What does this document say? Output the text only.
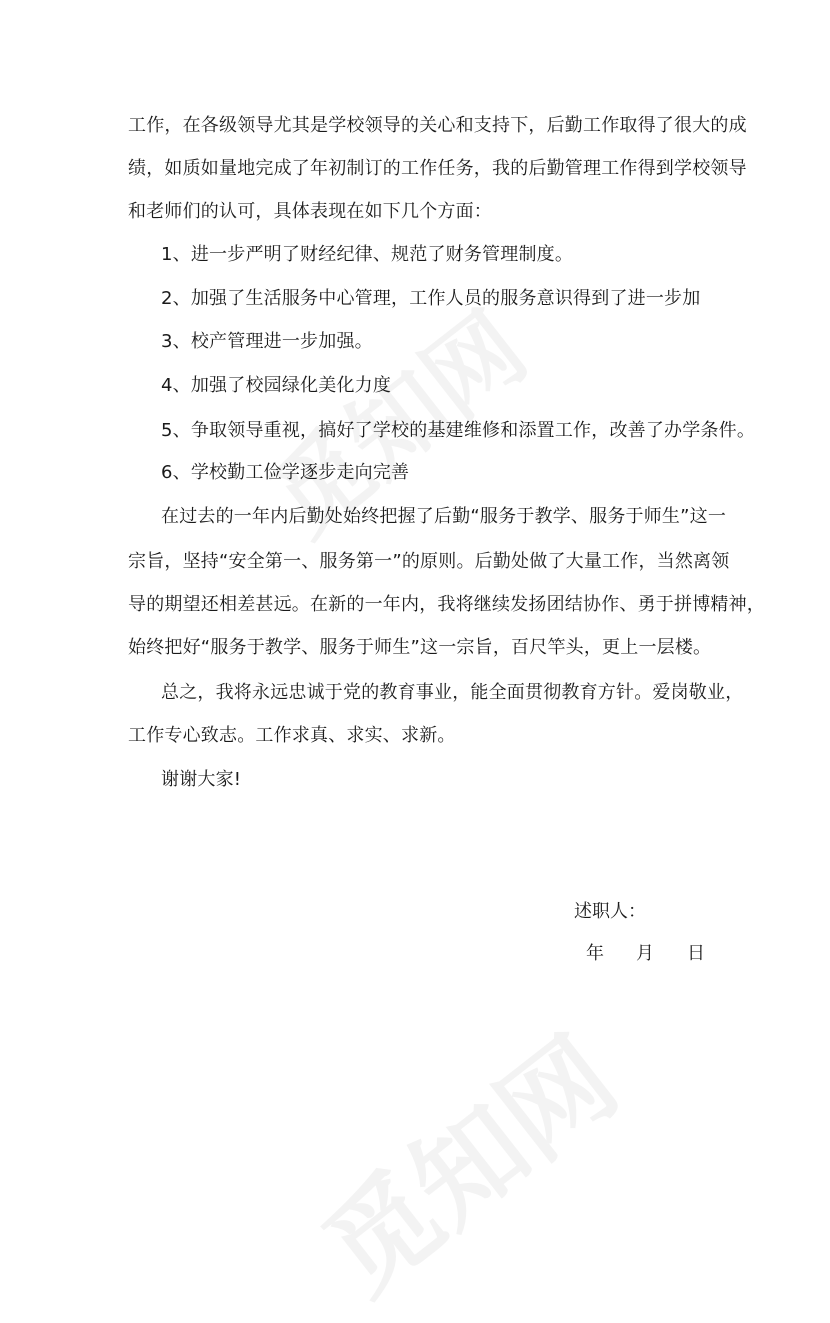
工作，在各级领导尤其是学校领导的关心和支持下，后勤工作取得了很大的成
绩，如质如量地完成了年初制订的工作任务，我的后勤管理工作得到学校领导
和老师们的认可，具体表现在如下几个方面：
1、进一步严明了财经纪律、规范了财务管理制度。
2、加强了生活服务中心管理，工作人员的服务意识得到了进一步加
3、校产管理进一步加强。
4、加强了校园绿化美化力度
5、争取领导重视，搞好了学校的基建维修和添置工作，改善了办学条件。
6、学校勤工俭学逐步走向完善
在过去的一年内后勤处始终把握了后勤“服务于教学、服务于师生”这一
宗旨，坚持“安全第一、服务第一”的原则。后勤处做了大量工作，当然离领
导的期望还相差甚远。在新的一年内，我将继续发扬团结协作、勇于拼博精神，
始终把好“服务于教学、服务于师生”这一宗旨，百尺竿头，更上一层楼。
总之，我将永远忠诚于党的教育事业，能全面贯彻教育方针。爱岗敬业，
工作专心致志。工作求真、求实、求新。
谢谢大家!
述职人：
年 月 日
